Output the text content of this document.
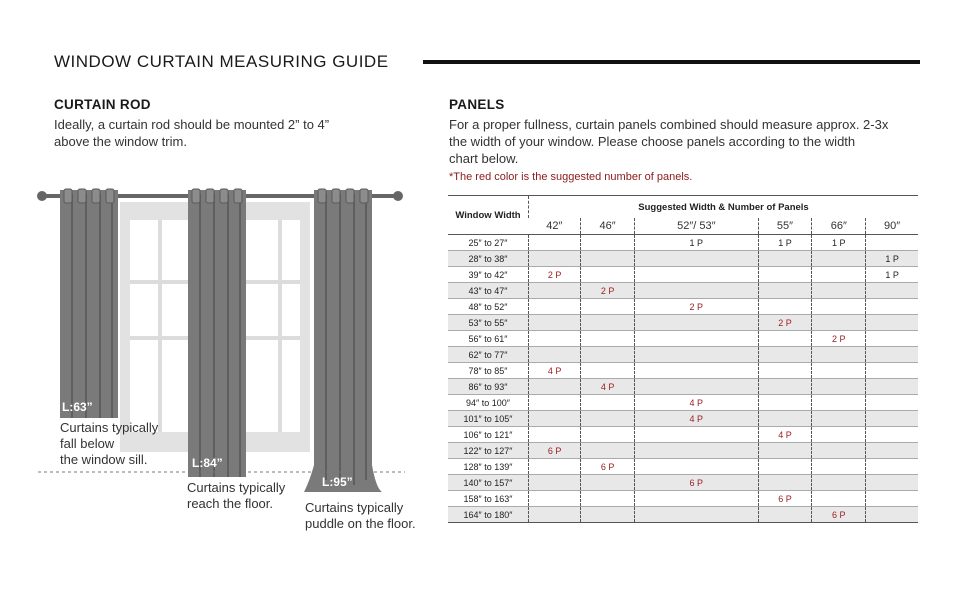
WINDOW CURTAIN MEASURING GUIDE
CURTAIN ROD
Ideally, a curtain rod should be mounted 2” to 4”
above the window trim.
PANELS
For a proper fullness, curtain panels combined should measure approx. 2-3x
the width of your window. Please choose panels according to the width
chart below.
*The red color is the suggested number of panels.
L:63”
L:84”
L:95”
Curtains typically
fall below
the window sill.
Curtains typically
reach the floor.	Curtains typically
puddle on the floor.
Window Width	Suggested Width & Number of Panels					
	42″	46″	52″/ 53″	55″	66″	90″
25″ to 27″			1 P	1 P	1 P	
28″ to 38″						1 P
39″ to 42″	2 P					1 P
43″ to 47″		2 P				
48″ to 52″			2 P			
53″ to 55″				2 P		
56″ to 61″					2 P	
62″ to 77″						
78″ to 85″	4 P					
86″ to 93″		4 P				
94″ to 100″			4 P			
101″ to 105″			4 P			
106″ to 121″				4 P		
122″ to 127″	6 P					
128″ to 139″		6 P				
140″ to 157″			6 P			
158″ to 163″				6 P		
164″ to 180″					6 P	
